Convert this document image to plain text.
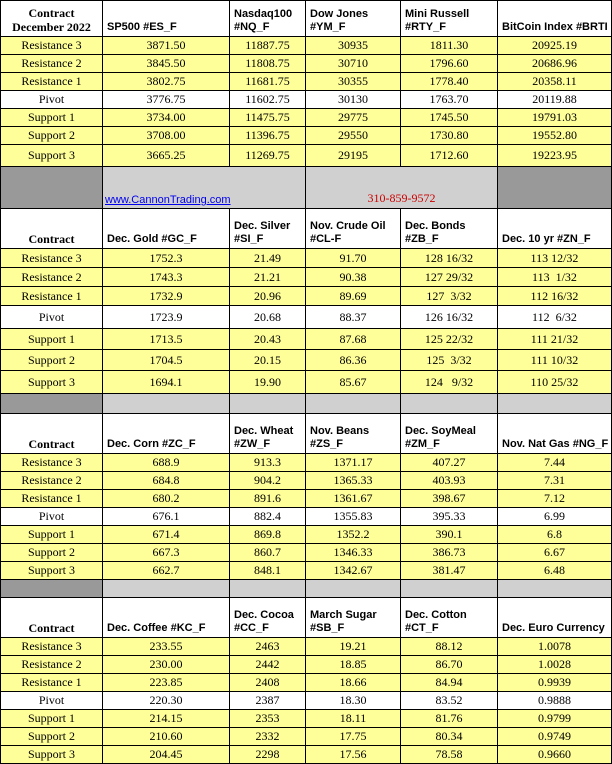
Contract
December 2022	SP500 #ES_F	Nasdaq100 #NQ_F	Dow Jones #YM_F	Mini Russell #RTY_F	BitCoin Index #BRTI
Resistance 3	3871.50	11887.75	30935	1811.30	20925.19
Resistance 2	3845.50	11808.75	30710	1796.60	20686.96
Resistance 1	3802.75	11681.75	30355	1778.40	20358.11
Pivot	3776.75	11602.75	30130	1763.70	20119.88
Support 1	3734.00	11475.75	29775	1745.50	19791.03
Support 2	3708.00	11396.75	29550	1730.80	19552.80
Support 3	3665.25	11269.75	29195	1712.60	19223.95
	www.CannonTrading.com		310-859-9572		
Contract	Dec. Gold #GC_F	Dec. Silver #SI_F	Nov. Crude Oil #CL-F	Dec. Bonds #ZB_F	Dec. 10 yr #ZN_F
Resistance 3	1752.3	21.49	91.70	128 16/32	113 12/32
Resistance 2	1743.3	21.21	90.38	127 29/32	113  1/32
Resistance 1	1732.9	20.96	89.69	127  3/32	112 16/32
Pivot	1723.9	20.68	88.37	126 16/32	112  6/32
Support 1	1713.5	20.43	87.68	125 22/32	111 21/32
Support 2	1704.5	20.15	86.36	125  3/32	111 10/32
Support 3	1694.1	19.90	85.67	124   9/32	110 25/32

Contract	Dec. Corn #ZC_F	Dec. Wheat #ZW_F	Nov. Beans #ZS_F	Dec. SoyMeal #ZM_F	Nov. Nat Gas #NG_F
Resistance 3	688.9	913.3	1371.17	407.27	7.44
Resistance 2	684.8	904.2	1365.33	403.93	7.31
Resistance 1	680.2	891.6	1361.67	398.67	7.12
Pivot	676.1	882.4	1355.83	395.33	6.99
Support 1	671.4	869.8	1352.2	390.1	6.8
Support 2	667.3	860.7	1346.33	386.73	6.67
Support 3	662.7	848.1	1342.67	381.47	6.48

Contract	Dec. Coffee #KC_F	Dec. Cocoa #CC_F	March Sugar #SB_F	Dec. Cotton #CT_F	Dec. Euro Currency
Resistance 3	233.55	2463	19.21	88.12	1.0078
Resistance 2	230.00	2442	18.85	86.70	1.0028
Resistance 1	223.85	2408	18.66	84.94	0.9939
Pivot	220.30	2387	18.30	83.52	0.9888
Support 1	214.15	2353	18.11	81.76	0.9799
Support 2	210.60	2332	17.75	80.34	0.9749
Support 3	204.45	2298	17.56	78.58	0.9660
